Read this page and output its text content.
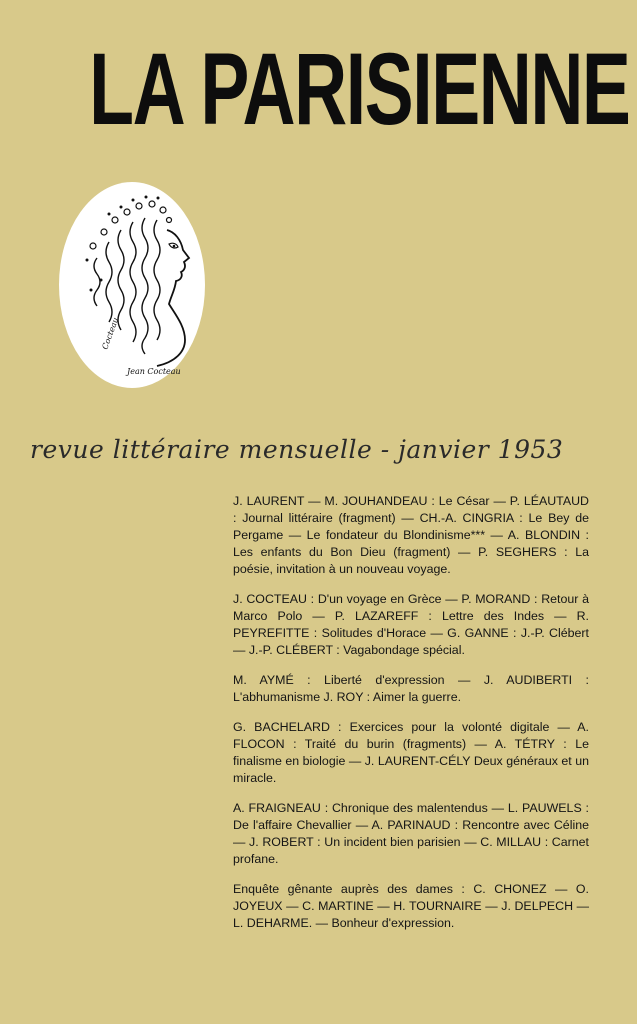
LA PARISIENNE
Cocteau
Jean Cocteau
revue littéraire mensuelle - janvier 1953

J. LAURENT — M. JOUHANDEAU : Le César — P. LÉAUTAUD : Journal littéraire (fragment) — CH.-A. CINGRIA : Le Bey de Pergame — Le fondateur du Blondinisme*** — A. BLONDIN : Les enfants du Bon Dieu (fragment) — P. SEGHERS : La poésie, invitation à un nouveau voyage.

J. COCTEAU : D'un voyage en Grèce — P. MORAND : Retour à Marco Polo — P. LAZAREFF : Lettre des Indes — R. PEYREFITTE : Solitudes d'Horace — G. GANNE : J.-P. Clébert — J.-P. CLÉBERT : Vagabondage spécial.

M. AYMÉ : Liberté d'expression — J. AUDIBERTI : L'abhumanisme J. ROY : Aimer la guerre.

G. BACHELARD : Exercices pour la volonté digitale — A. FLOCON : Traité du burin (fragments) — A. TÉTRY : Le finalisme en biologie — J. LAURENT-CÉLY Deux généraux et un miracle.

A. FRAIGNEAU : Chronique des malentendus — L. PAUWELS : De l'affaire Chevallier — A. PARINAUD : Rencontre avec Céline — J. ROBERT : Un incident bien parisien — C. MILLAU : Carnet profane.

Enquête gênante auprès des dames : C. CHONEZ — O. JOYEUX — C. MARTINE — H. TOURNAIRE — J. DELPECH — L. DEHARME. — Bonheur d'expression.
